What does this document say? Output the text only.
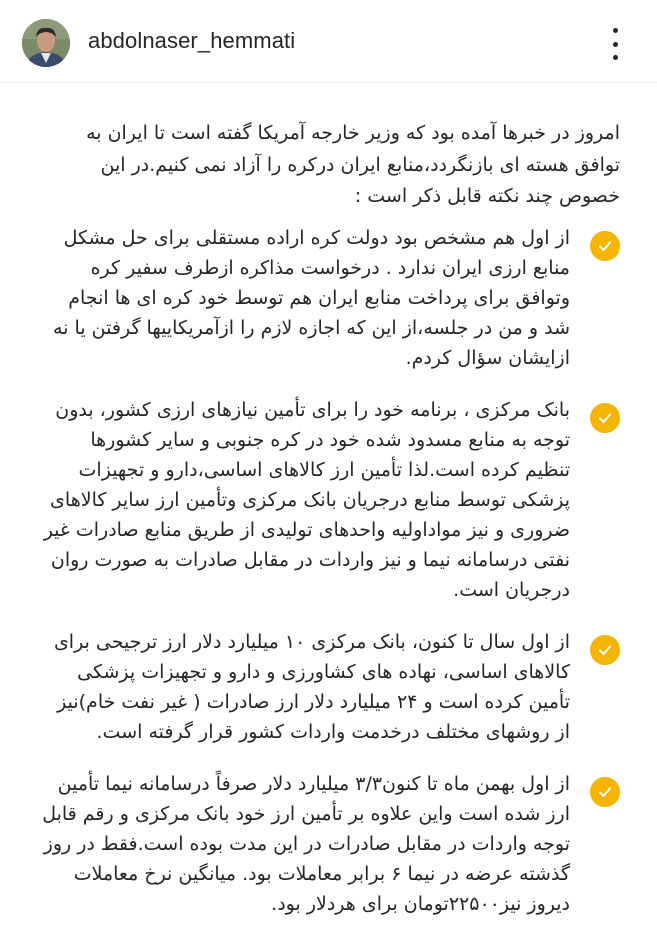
abdolnaser_hemmati

امروز در خبرها آمده بود که وزیر خارجه آمریکا گفته است تا ایران به توافق هسته ای بازنگردد،منابع ایران درکره را آزاد نمی کنیم.در این خصوص چند نکته قابل ذکر است :

از اول هم مشخص بود دولت کره اراده مستقلی برای حل مشکل منابع ارزی ایران ندارد . درخواست مذاکره ازطرف سفیر کره وتوافق برای پرداخت منابع ایران هم توسط خود کره ای ها انجام شد و من در جلسه،از این که اجازه لازم را ازآمریکاییها گرفتن یا نه ازایشان سؤال کردم.

بانک مرکزی ، برنامه خود را برای تأمین نیازهای ارزی کشور، بدون توجه به منابع مسدود شده خود در کره جنوبی و سایر کشورها تنظیم کرده است.لذا تأمین ارز کالاهای اساسی،دارو و تجهیزات پزشکی توسط منابع درجریان بانک مرکزی وتأمین ارز سایر کالاهای ضروری و نیز مواداولیه واحدهای تولیدی از طریق منابع صادرات غیر نفتی درسامانه نیما و نیز واردات در مقابل صادرات به صورت روان درجریان است.

از اول سال تا کنون، بانک مرکزی ۱۰ میلیارد دلار ارز ترجیحی برای کالاهای اساسی، نهاده های کشاورزی و دارو و تجهیزات پزشکی تأمین کرده است و ۲۴ میلیارد دلار ارز صادرات ( غیر نفت خام)نیز از روشهای مختلف درخدمت واردات کشور قرار گرفته است.

از اول بهمن ماه تا کنون۳/۳ میلیارد دلار صرفاً درسامانه نیما تأمین ارز شده است واین علاوه بر تأمین ارز خود بانک مرکزی و رقم قابل توجه واردات در مقابل صادرات در این مدت بوده است.فقط در روز گذشته عرضه در نیما ۶ برابر معاملات بود. میانگین نرخ معاملات دیروز نیز۲۲۵۰۰تومان برای هردلار بود.
